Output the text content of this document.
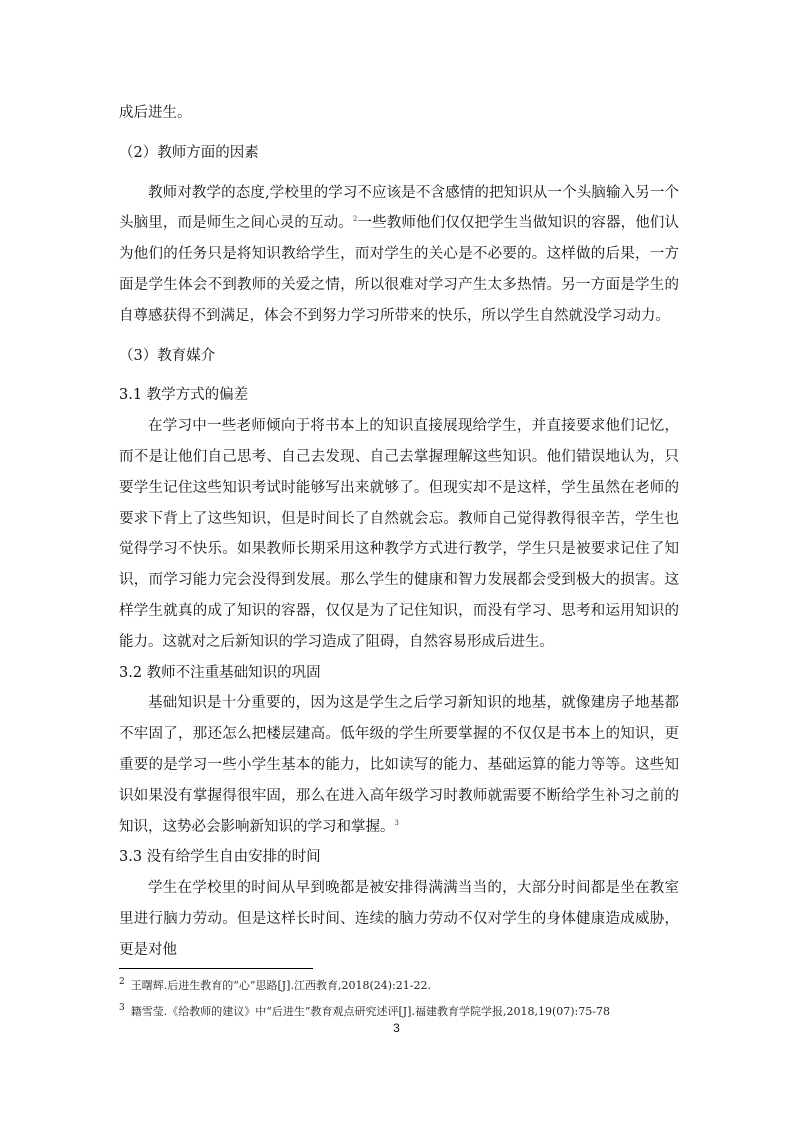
成后进生。

（2）教师方面的因素

教师对教学的态度,学校里的学习不应该是不含感情的把知识从一个头脑输入另一个头脑里，而是师生之间心灵的互动。$^2$一些教师他们仅仅把学生当做知识的容器，他们认为他们的任务只是将知识教给学生，而对学生的关心是不必要的。这样做的后果，一方面是学生体会不到教师的关爱之情，所以很难对学习产生太多热情。另一方面是学生的自尊感获得不到满足，体会不到努力学习所带来的快乐，所以学生自然就没学习动力。

（3）教育媒介

3.1 教学方式的偏差

在学习中一些老师倾向于将书本上的知识直接展现给学生，并直接要求他们记忆，而不是让他们自己思考、自己去发现、自己去掌握理解这些知识。他们错误地认为，只要学生记住这些知识考试时能够写出来就够了。但现实却不是这样，学生虽然在老师的要求下背上了这些知识，但是时间长了自然就会忘。教师自己觉得教得很辛苦，学生也觉得学习不快乐。如果教师长期采用这种教学方式进行教学，学生只是被要求记住了知识，而学习能力完会没得到发展。那么学生的健康和智力发展都会受到极大的损害。这样学生就真的成了知识的容器，仅仅是为了记住知识，而没有学习、思考和运用知识的能力。这就对之后新知识的学习造成了阻碍，自然容易形成后进生。

3.2 教师不注重基础知识的巩固

基础知识是十分重要的，因为这是学生之后学习新知识的地基，就像建房子地基都不牢固了，那还怎么把楼层建高。低年级的学生所要掌握的不仅仅是书本上的知识，更重要的是学习一些小学生基本的能力，比如读写的能力、基础运算的能力等等。这些知识如果没有掌握得很牢固，那么在进入高年级学习时教师就需要不断给学生补习之前的知识，这势必会影响新知识的学习和掌握。$^3$

3.3 没有给学生自由安排的时间

学生在学校里的时间从早到晚都是被安排得满满当当的，大部分时间都是坐在教室里进行脑力劳动。但是这样长时间、连续的脑力劳动不仅对学生的身体健康造成威胁，更是对他

$^2$ 王曙辉.后进生教育的“心”思路[J].江西教育,2018(24):21-22.
$^3$ 籍雪莹.《给教师的建议》中“后进生”教育观点研究述评[J].福建教育学院学报,2018,19(07):75-78
3
